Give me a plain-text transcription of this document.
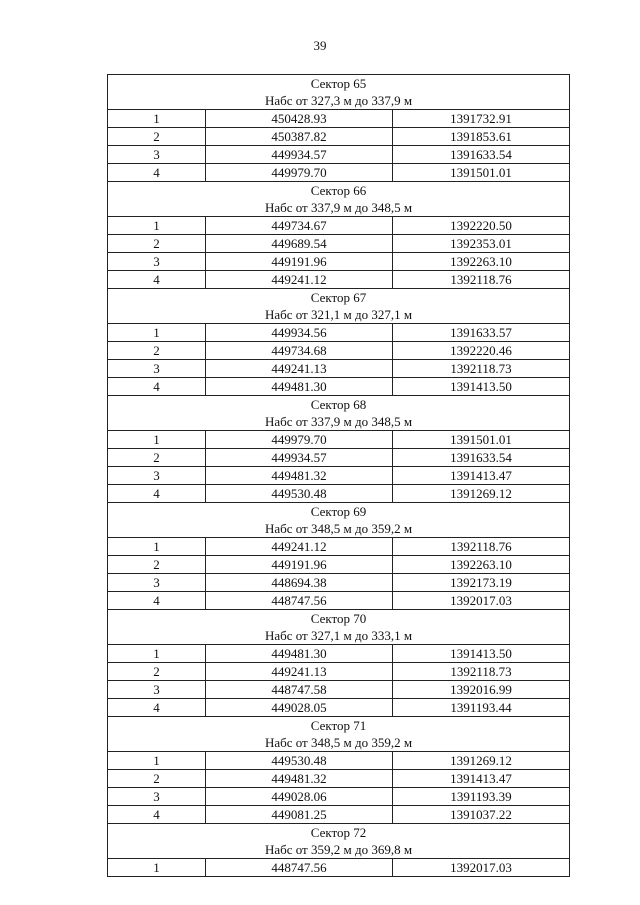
39
Сектор 65
Набс от 327,3 м до 337,9 м		

1	450428.93	1391732.91
2	450387.82	1391853.61
3	449934.57	1391633.54
4	449979.70	1391501.01

Сектор 66
Набс от 337,9 м до 348,5 м		

1	449734.67	1392220.50
2	449689.54	1392353.01
3	449191.96	1392263.10
4	449241.12	1392118.76

Сектор 67
Набс от 321,1 м до 327,1 м		

1	449934.56	1391633.57
2	449734.68	1392220.46
3	449241.13	1392118.73
4	449481.30	1391413.50

Сектор 68
Набс от 337,9 м до 348,5 м		

1	449979.70	1391501.01
2	449934.57	1391633.54
3	449481.32	1391413.47
4	449530.48	1391269.12

Сектор 69
Набс от 348,5 м до 359,2 м		

1	449241.12	1392118.76
2	449191.96	1392263.10
3	448694.38	1392173.19
4	448747.56	1392017.03

Сектор 70
Набс от 327,1 м до 333,1 м		

1	449481.30	1391413.50
2	449241.13	1392118.73
3	448747.58	1392016.99
4	449028.05	1391193.44

Сектор 71
Набс от 348,5 м до 359,2 м		

1	449530.48	1391269.12
2	449481.32	1391413.47
3	449028.06	1391193.39
4	449081.25	1391037.22

Сектор 72
Набс от 359,2 м до 369,8 м		

1	448747.56	1392017.03
